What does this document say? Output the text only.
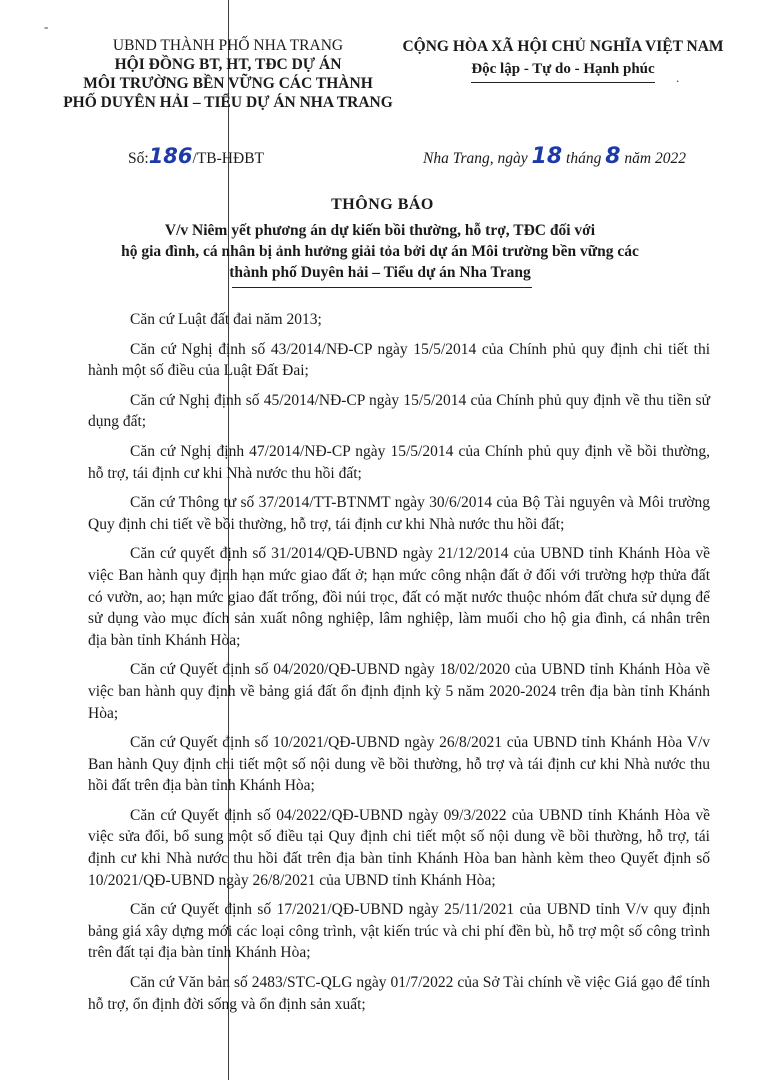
-
.
UBND THÀNH PHỐ NHA TRANG
HỘI ĐỒNG BT, HT, TĐC DỰ ÁN
MÔI TRƯỜNG BỀN VỮNG CÁC THÀNH
PHỐ DUYÊN HẢI – TIỂU DỰ ÁN NHA TRANG
CỘNG HÒA XÃ HỘI CHỦ NGHĨA VIỆT NAM
Độc lập - Tự do - Hạnh phúc
Số:186/TB-HĐBT	Nha Trang, ngày 18 tháng 8 năm 2022
THÔNG BÁO
V/v Niêm yết phương án dự kiến bồi thường, hỗ trợ, TĐC đối với
hộ gia đình, cá nhân bị ảnh hưởng giải tỏa bởi dự án Môi trường bền vững các
thành phố Duyên hải – Tiểu dự án Nha Trang

Căn cứ Luật đất đai năm 2013;

Căn cứ Nghị định số 43/2014/NĐ-CP ngày 15/5/2014 của Chính phủ quy định chi tiết thi hành một số điều của Luật Đất Đai;

Căn cứ Nghị định số 45/2014/NĐ-CP ngày 15/5/2014 của Chính phủ quy định về thu tiền sử dụng đất;

Căn cứ Nghị định 47/2014/NĐ-CP ngày 15/5/2014 của Chính phủ quy định về bồi thường, hỗ trợ, tái định cư khi Nhà nước thu hồi đất;

Căn cứ Thông tư số 37/2014/TT-BTNMT ngày 30/6/2014 của Bộ Tài nguyên và Môi trường Quy định chi tiết về bồi thường, hỗ trợ, tái định cư khi Nhà nước thu hồi đất;

Căn cứ quyết định số 31/2014/QĐ-UBND ngày 21/12/2014 của UBND tỉnh Khánh Hòa về việc Ban hành quy định hạn mức giao đất ở; hạn mức công nhận đất ở đối với trường hợp thửa đất có vườn, ao; hạn mức giao đất trống, đồi núi trọc, đất có mặt nước thuộc nhóm đất chưa sử dụng để sử dụng vào mục đích sản xuất nông nghiệp, lâm nghiệp, làm muối cho hộ gia đình, cá nhân trên địa bàn tỉnh Khánh Hòa;

Căn cứ Quyết định số 04/2020/QĐ-UBND ngày 18/02/2020 của UBND tỉnh Khánh Hòa về việc ban hành quy định về bảng giá đất ổn định định kỳ 5 năm 2020-2024 trên địa bàn tỉnh Khánh Hòa;

Căn cứ Quyết định số 10/2021/QĐ-UBND ngày 26/8/2021 của UBND tỉnh Khánh Hòa V/v Ban hành Quy định chi tiết một số nội dung về bồi thường, hỗ trợ và tái định cư khi Nhà nước thu hồi đất trên địa bàn tỉnh Khánh Hòa;

Căn cứ Quyết định số 04/2022/QĐ-UBND ngày 09/3/2022 của UBND tỉnh Khánh Hòa về việc sửa đổi, bổ sung một số điều tại Quy định chi tiết một số nội dung về bồi thường, hỗ trợ, tái định cư khi Nhà nước thu hồi đất trên địa bàn tỉnh Khánh Hòa ban hành kèm theo Quyết định số 10/2021/QĐ-UBND ngày 26/8/2021 của UBND tỉnh Khánh Hòa;

Căn cứ Quyết định số 17/2021/QĐ-UBND ngày 25/11/2021 của UBND tỉnh V/v quy định bảng giá xây dựng mới các loại công trình, vật kiến trúc và chi phí đền bù, hỗ trợ một số công trình trên đất tại địa bàn tỉnh Khánh Hòa;

Căn cứ Văn bản số 2483/STC-QLG ngày 01/7/2022 của Sở Tài chính về việc Giá gạo để tính hỗ trợ, ổn định đời sống và ổn định sản xuất;
